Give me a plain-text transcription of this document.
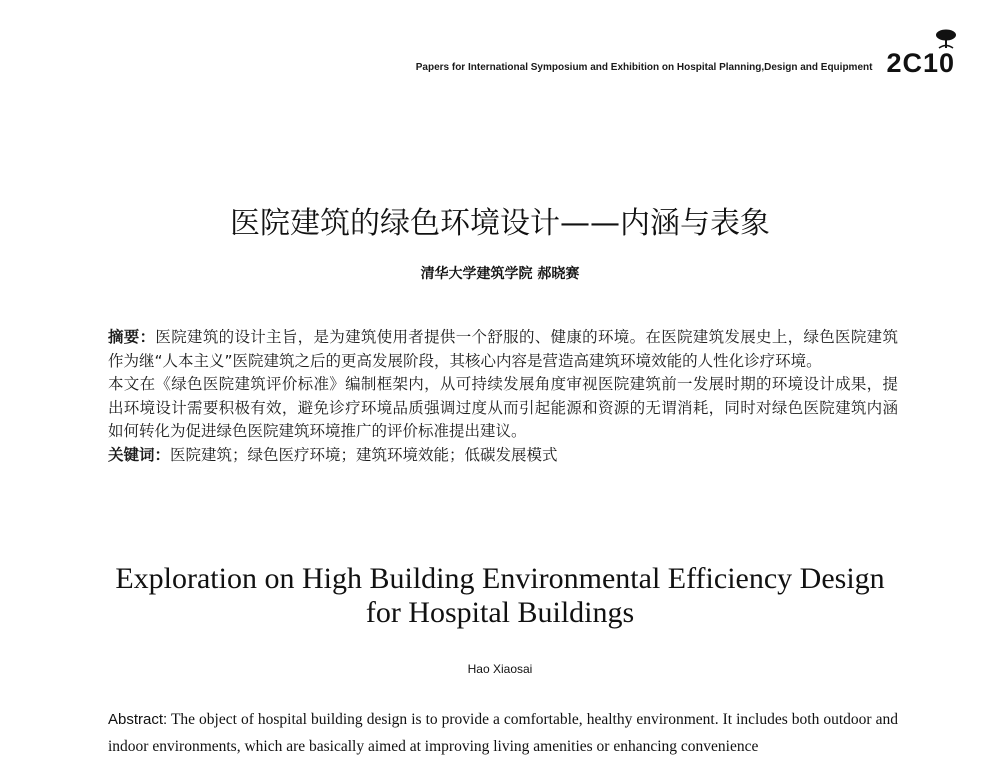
Papers for International Symposium and Exhibition on Hospital Planning,Design and Equipment 2C10
医院建筑的绿色环境设计——内涵与表象
清华大学建筑学院 郝晓赛

摘要：医院建筑的设计主旨，是为建筑使用者提供一个舒服的、健康的环境。在医院建筑发展史上，绿色医院建筑作为继“人本主义”医院建筑之后的更高发展阶段，其核心内容是营造高建筑环境效能的人性化诊疗环境。

本文在《绿色医院建筑评价标准》编制框架内，从可持续发展角度审视医院建筑前一发展时期的环境设计成果，提出环境设计需要积极有效，避免诊疗环境品质强调过度从而引起能源和资源的无谓消耗，同时对绿色医院建筑内涵如何转化为促进绿色医院建筑环境推广的评价标准提出建议。

关键词：医院建筑；绿色医疗环境；建筑环境效能；低碳发展模式

Exploration on High Building Environmental Efficiency Design
for Hospital Buildings
Hao Xiaosai
Abstract: The object of hospital building design is to provide a comfortable, healthy environment. It includes both outdoor and indoor environments, which are basically aimed at improving living amenities or enhancing convenience
